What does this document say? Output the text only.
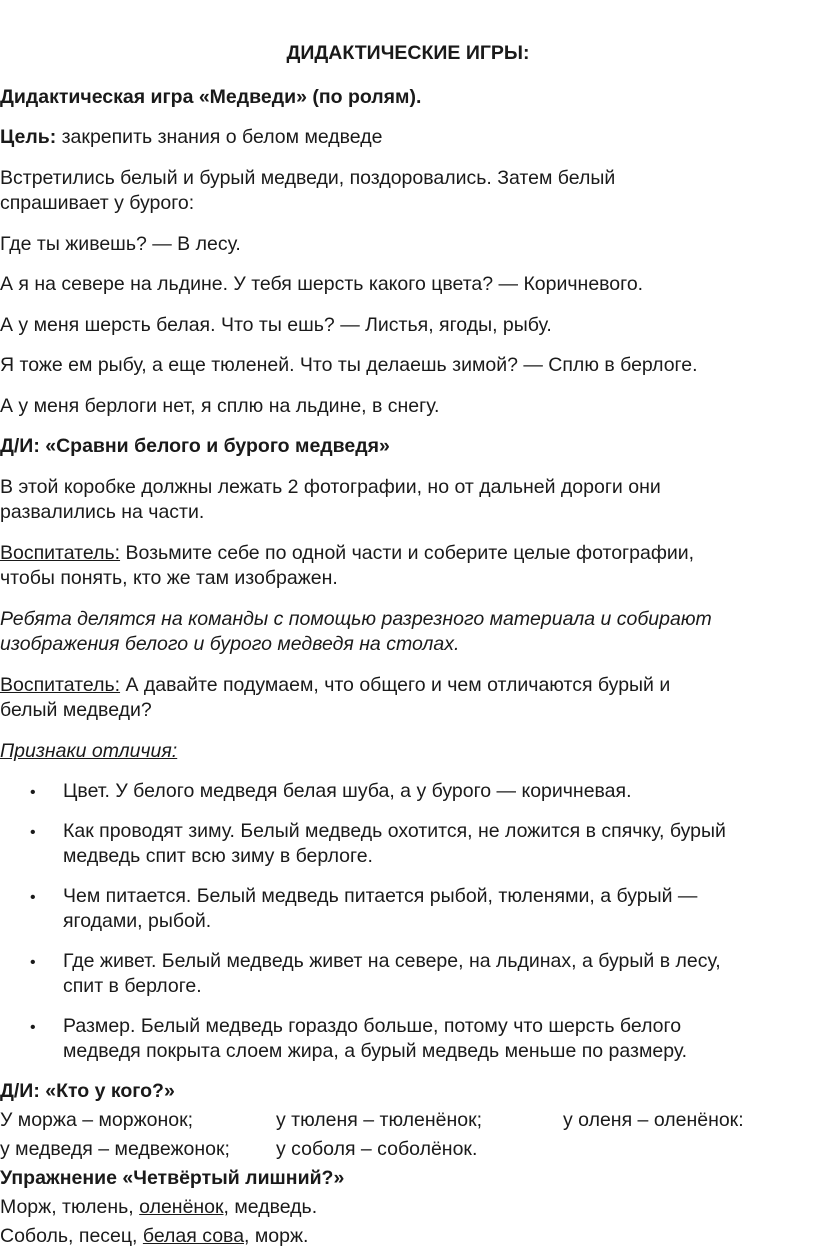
ДИДАКТИЧЕСКИЕ ИГРЫ:
Дидактическая игра «Медведи» (по ролям).
Цель: закрепить знания о белом медведе
Встретились белый и бурый медведи, поздоровались. Затем белый
спрашивает у бурого:
Где ты живешь? — В лесу.
А я на севере на льдине. У тебя шерсть какого цвета? — Коричневого.
А у меня шерсть белая. Что ты ешь? — Листья, ягоды, рыбу.
Я тоже ем рыбу, а еще тюленей. Что ты делаешь зимой? — Сплю в берлоге.
А у меня берлоги нет, я сплю на льдине, в снегу.
Д/И: «Сравни белого и бурого медведя»
В этой коробке должны лежать 2 фотографии, но от дальней дороги они
развалились на части.
Воспитатель: Возьмите себе по одной части и соберите целые фотографии,
чтобы понять, кто же там изображен.
Ребята делятся на команды с помощью разрезного материала и собирают
изображения белого и бурого медведя на столах.
Воспитатель: А давайте подумаем, что общего и чем отличаются бурый и
белый медведи?
Признаки отличия:
• Цвет. У белого медведя белая шуба, а у бурого — коричневая.
• Как проводят зиму. Белый медведь охотится, не ложится в спячку, бурый
медведь спит всю зиму в берлоге.
• Чем питается. Белый медведь питается рыбой, тюленями, а бурый —
ягодами, рыбой.
• Где живет. Белый медведь живет на севере, на льдинах, а бурый в лесу,
спит в берлоге.
• Размер. Белый медведь гораздо больше, потому что шерсть белого
медведя покрыта слоем жира, а бурый медведь меньше по размеру.
Д/И: «Кто у кого?»
У моржа – моржонок;	у тюленя – тюленёнок;	у оленя – оленёнок:
у медведя – медвежонок; у соболя – соболёнок.
Упражнение «Четвёртый лишний?»
Морж, тюлень, оленёнок, медведь.
Соболь, песец, белая сова, морж.
